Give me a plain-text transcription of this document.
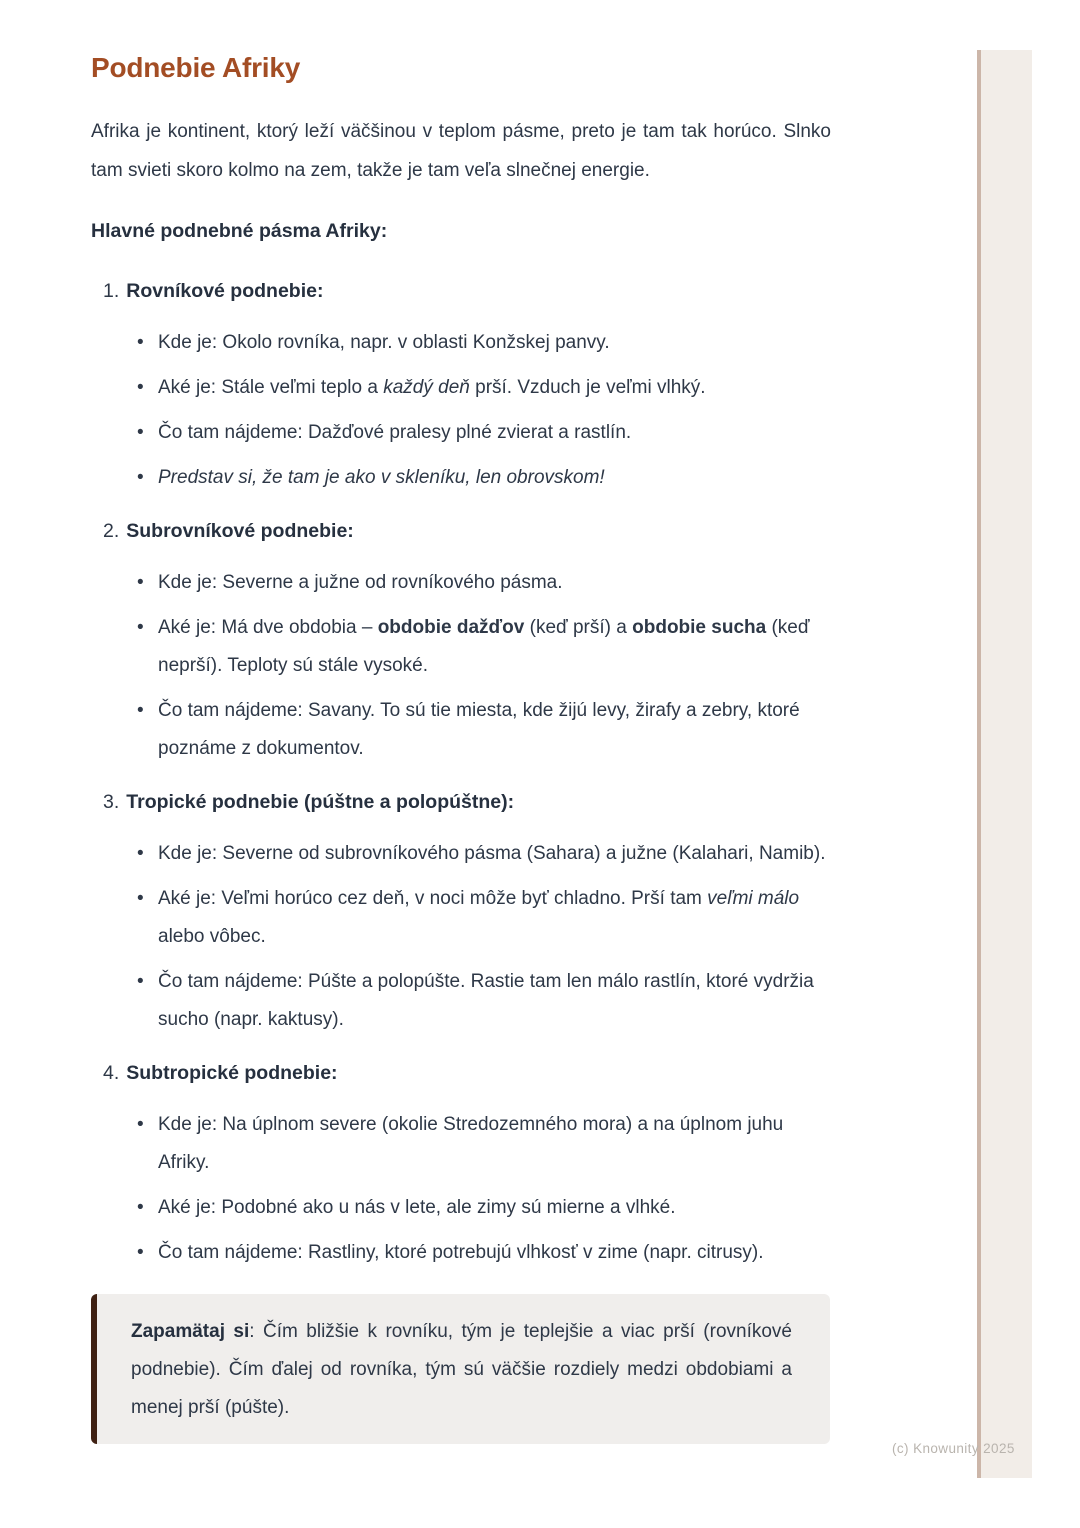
(c) Knowunity 2025
Podnebie Afriky

Afrika je kontinent, ktorý leží väčšinou v teplom pásme, preto je tam tak horúco. Slnko tam svieti skoro kolmo na zem, takže je tam veľa slnečnej energie.

Hlavné podnebné pásma Afriky:
1. Rovníkové podnebie:
• Kde je: Okolo rovníka, napr. v oblasti Konžskej panvy.
• Aké je: Stále veľmi teplo a každý deň prší. Vzduch je veľmi vlhký.
• Čo tam nájdeme: Dažďové pralesy plné zvierat a rastlín.
• Predstav si, že tam je ako v skleníku, len obrovskom!
2. Subrovníkové podnebie:
• Kde je: Severne a južne od rovníkového pásma.
• Aké je: Má dve obdobia – obdobie dažďov (keď prší) a obdobie sucha (keď neprší). Teploty sú stále vysoké.
• Čo tam nájdeme: Savany. To sú tie miesta, kde žijú levy, žirafy a zebry, ktoré poznáme z dokumentov.
3. Tropické podnebie (púštne a polopúštne):
• Kde je: Severne od subrovníkového pásma (Sahara) a južne (Kalahari, Namib).
• Aké je: Veľmi horúco cez deň, v noci môže byť chladno. Prší tam veľmi málo alebo vôbec.
• Čo tam nájdeme: Púšte a polopúšte. Rastie tam len málo rastlín, ktoré vydržia sucho (napr. kaktusy).
4. Subtropické podnebie:
• Kde je: Na úplnom severe (okolie Stredozemného mora) a na úplnom juhu Afriky.
• Aké je: Podobné ako u nás v lete, ale zimy sú mierne a vlhké.
• Čo tam nájdeme: Rastliny, ktoré potrebujú vlhkosť v zime (napr. citrusy).

Zapamätaj si: Čím bližšie k rovníku, tým je teplejšie a viac prší (rovníkové podnebie). Čím ďalej od rovníka, tým sú väčšie rozdiely medzi obdobiami a menej prší (púšte).
